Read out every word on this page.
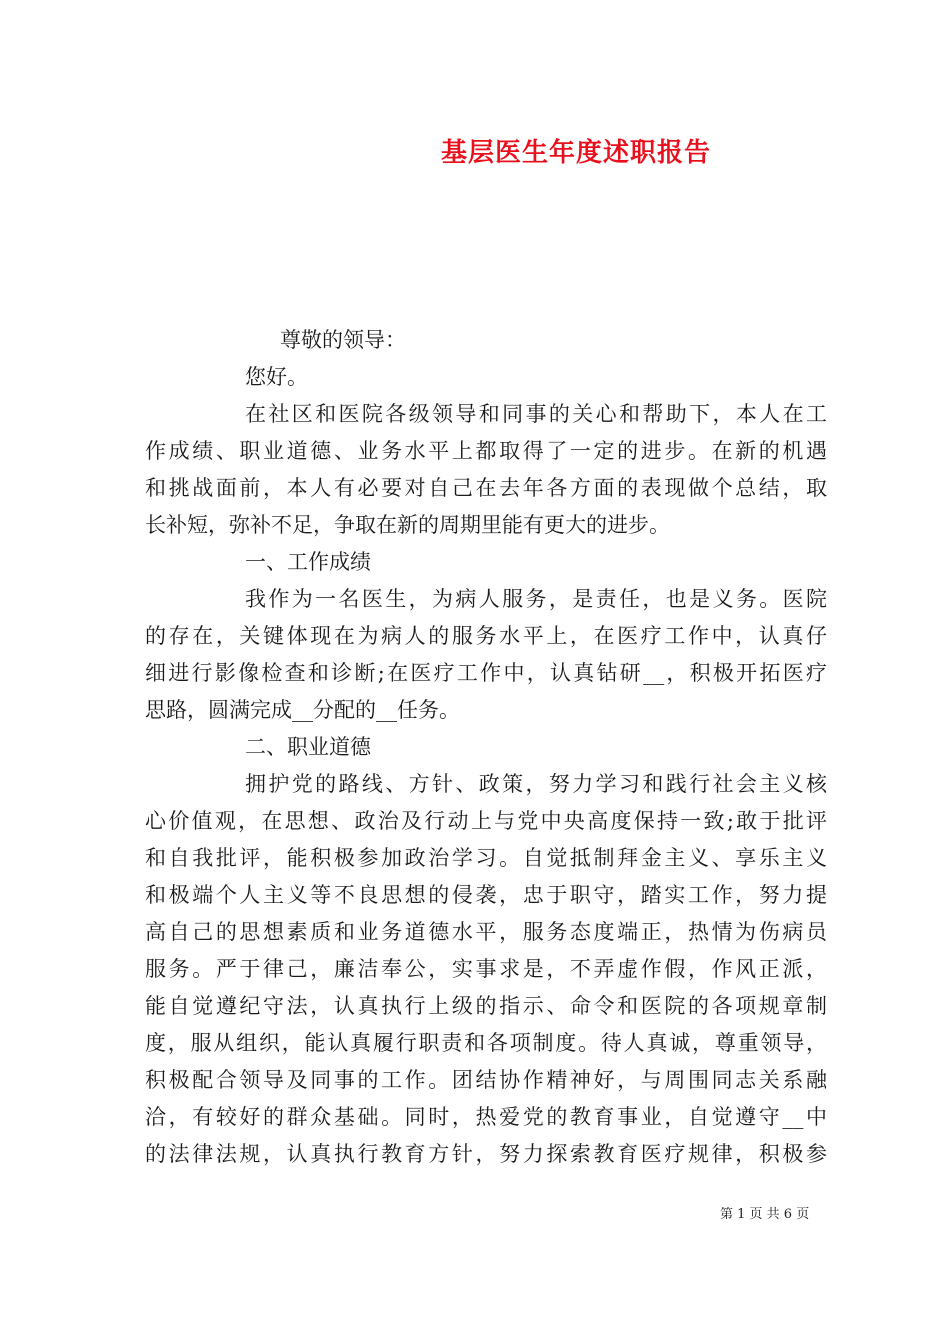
基层医生年度述职报告
尊敬的领导：
您好。
在社区和医院各级领导和同事的关心和帮助下，本人在工
作成绩、职业道德、业务水平上都取得了一定的进步。在新的机遇
和挑战面前，本人有必要对自己在去年各方面的表现做个总结，取
长补短，弥补不足，争取在新的周期里能有更大的进步。
一、工作成绩
我作为一名医生，为病人服务，是责任，也是义务。医院
的存在，关键体现在为病人的服务水平上，在医疗工作中，认真仔
细进行影像检查和诊断;在医疗工作中，认真钻研__，积极开拓医疗
思路，圆满完成__分配的__任务。
二、职业道德
拥护党的路线、方针、政策，努力学习和践行社会主义核
心价值观，在思想、政治及行动上与党中央高度保持一致;敢于批评
和自我批评，能积极参加政治学习。自觉抵制拜金主义、享乐主义
和极端个人主义等不良思想的侵袭，忠于职守，踏实工作，努力提
高自己的思想素质和业务道德水平，服务态度端正，热情为伤病员
服务。严于律己，廉洁奉公，实事求是，不弄虚作假，作风正派，
能自觉遵纪守法，认真执行上级的指示、命令和医院的各项规章制
度，服从组织，能认真履行职责和各项制度。待人真诚，尊重领导，
积极配合领导及同事的工作。团结协作精神好，与周围同志关系融
洽，有较好的群众基础。同时，热爱党的教育事业，自觉遵守__中
的法律法规，认真执行教育方针，努力探索教育医疗规律，积极参
第 1 页 共 6 页
